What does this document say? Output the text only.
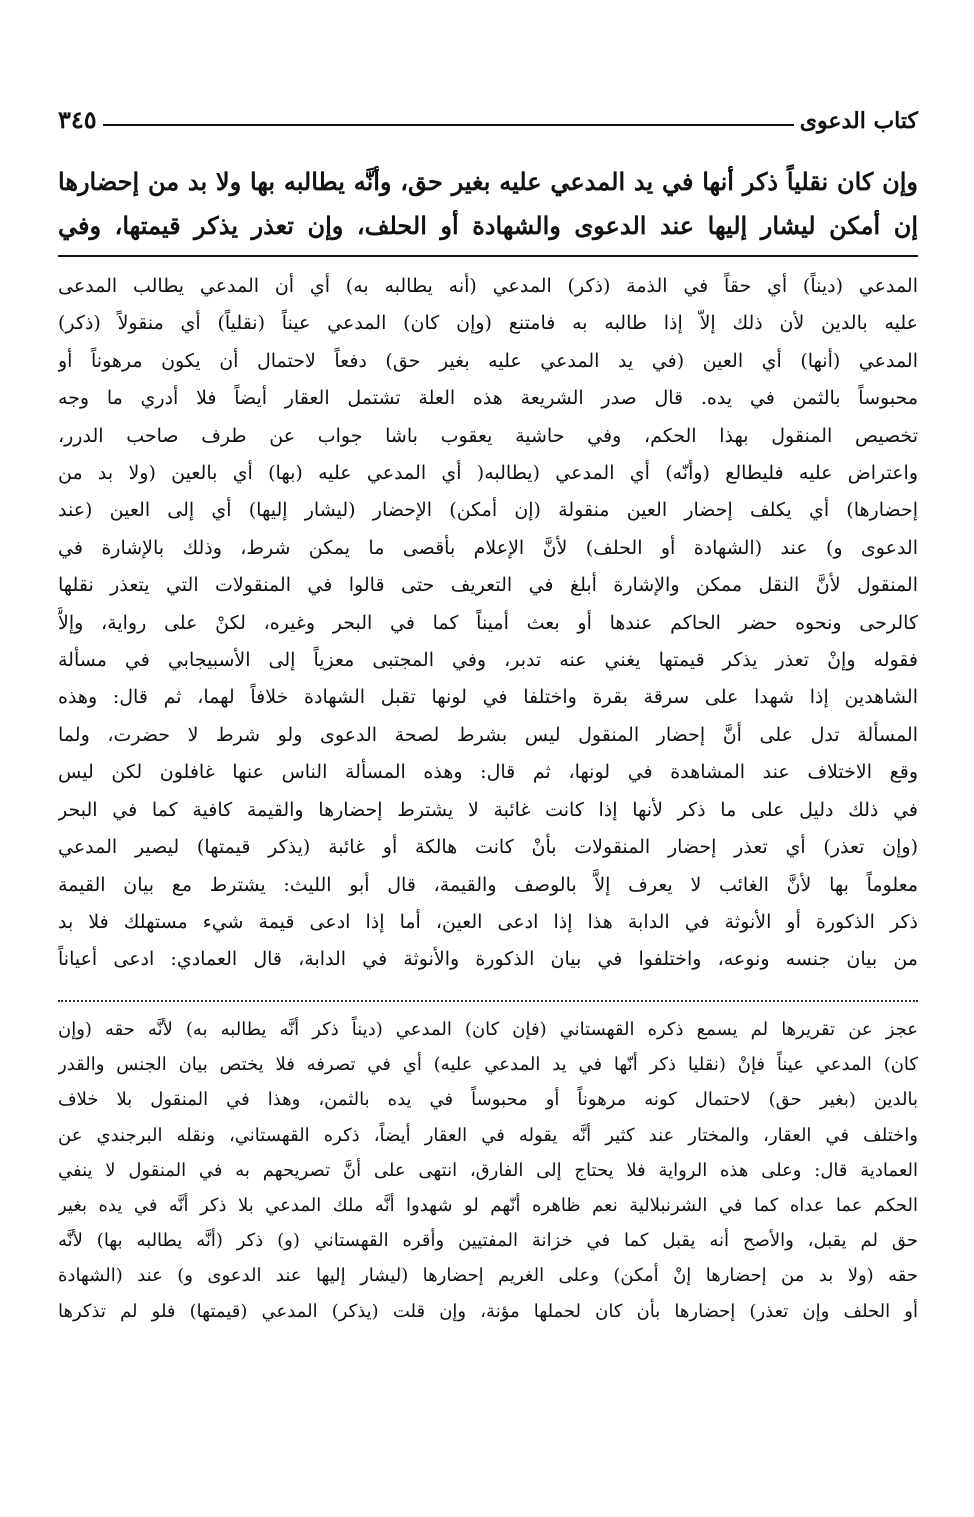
كتاب الدعوى
٣٤٥
وإن كان نقلياً ذكر أنها في يد المدعي عليه بغير حق، وأنَّه يطالبه بها ولا بد من إحضارها
إن أمكن ليشار إليها عند الدعوى والشهادة أو الحلف، وإن تعذر يذكر قيمتها، وفي
المدعي (ديناً) أي حقاً في الذمة (ذكر) المدعي (أنه يطالبه به) أي أن المدعي يطالب المدعى
عليه بالدين لأن ذلك إلاّ إذا طالبه به فامتنع (وإن كان) المدعي عيناً (نقلياً) أي منقولاً (ذكر)
المدعي (أنها) أي العين (في يد المدعي عليه بغير حق) دفعاً لاحتمال أن يكون مرهوناً أو
محبوساً بالثمن في يده. قال صدر الشريعة هذه العلة تشتمل العقار أيضاً فلا أدري ما وجه
تخصيص المنقول بهذا الحكم، وفي حاشية يعقوب باشا جواب عن طرف صاحب الدرر،
واعتراض عليه فليطالع (وأنّه) أي المدعي (يطالبه( أي المدعي عليه (بها) أي بالعين (ولا بد من
إحضارها) أي يكلف إحضار العين منقولة (إن أمكن) الإحضار (ليشار إليها) أي إلى العين (عند
الدعوى و) عند (الشهادة أو الحلف) لأنَّ الإعلام بأقصى ما يمكن شرط، وذلك بالإشارة في
المنقول لأنَّ النقل ممكن والإشارة أبلغ في التعريف حتى قالوا في المنقولات التي يتعذر نقلها
كالرحى ونحوه حضر الحاكم عندها أو بعث أميناً كما في البحر وغيره، لكنْ على رواية، وإلاَّ
فقوله وإنْ تعذر يذكر قيمتها يغني عنه تدبر، وفي المجتبى معزياً إلى الأسبيجابي في مسألة
الشاهدين إذا شهدا على سرقة بقرة واختلفا في لونها تقبل الشهادة خلافاً لهما، ثم قال: وهذه
المسألة تدل على أنَّ إحضار المنقول ليس بشرط لصحة الدعوى ولو شرط لا حضرت، ولما
وقع الاختلاف عند المشاهدة في لونها، ثم قال: وهذه المسألة الناس عنها غافلون لكن ليس
في ذلك دليل على ما ذكر لأنها إذا كانت غائبة لا يشترط إحضارها والقيمة كافية كما في البحر
(وإن تعذر) أي تعذر إحضار المنقولات بأنْ كانت هالكة أو غائبة (يذكر قيمتها) ليصير المدعي
معلوماً بها لأنَّ الغائب لا يعرف إلاَّ بالوصف والقيمة، قال أبو الليث: يشترط مع بيان القيمة
ذكر الذكورة أو الأنوثة في الدابة هذا إذا ادعى العين، أما إذا ادعى قيمة شيء مستهلك فلا بد
من بيان جنسه ونوعه، واختلفوا في بيان الذكورة والأنوثة في الدابة، قال العمادي: ادعى أعياناً
عجز عن تقريرها لم يسمع ذكره القهستاني (فإن كان) المدعي (ديناً ذكر أنَّه يطالبه به) لأنَّه حقه (وإن
كان) المدعي عيناً فإنْ (نقليا ذكر أنّها في يد المدعي عليه) أي في تصرفه فلا يختص بيان الجنس والقدر
بالدين (بغير حق) لاحتمال كونه مرهوناً أو محبوساً في يده بالثمن، وهذا في المنقول بلا خلاف
واختلف في العقار، والمختار عند كثير أنَّه يقوله في العقار أيضاً، ذكره القهستاني، ونقله البرجندي عن
العمادية قال: وعلى هذه الرواية فلا يحتاج إلى الفارق، انتهى على أنَّ تصريحهم به في المنقول لا ينفي
الحكم عما عداه كما في الشرنبلالية نعم ظاهره أنّهم لو شهدوا أنَّه ملك المدعي بلا ذكر أنَّه في يده بغير
حق لم يقبل، والأصح أنه يقبل كما في خزانة المفتيين وأقره القهستاني (و) ذكر (أنَّه يطالبه بها) لأنَّه
حقه (ولا بد من إحضارها إنْ أمكن) وعلى الغريم إحضارها (ليشار إليها عند الدعوى و) عند (الشهادة
أو الحلف وإن تعذر) إحضارها بأن كان لحملها مؤنة، وإن قلت (يذكر) المدعي (قيمتها) فلو لم تذكرها
